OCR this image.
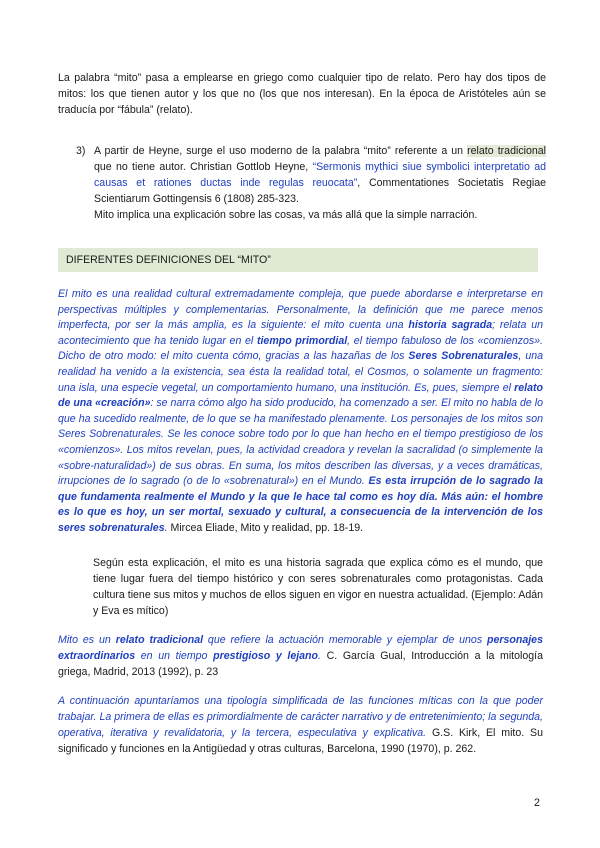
La palabra “mito” pasa a emplearse en griego como cualquier tipo de relato. Pero hay dos tipos de mitos: los que tienen autor y los que no (los que nos interesan). En la época de Aristóteles aún se traducía por “fábula” (relato).
3) A partir de Heyne, surge el uso moderno de la palabra “mito” referente a un relato tradicional que no tiene autor. Christian Gottlob Heyne, “Sermonis mythici siue symbolici interpretatio ad causas et rationes ductas inde regulas reuocata”, Commentationes Societatis Regiae Scientiarum Gottingensis 6 (1808) 285-323.
Mito implica una explicación sobre las cosas, va más allá que la simple narración.
DIFERENTES DEFINICIONES DEL “MITO”
El mito es una realidad cultural extremadamente compleja, que puede abordarse e interpretarse en perspectivas múltiples y complementarias. Personalmente, la definición que me parece menos imperfecta, por ser la más amplia, es la siguiente: el mito cuenta una historia sagrada; relata un acontecimiento que ha tenido lugar en el tiempo primordial, el tiempo fabuloso de los «comienzos». Dicho de otro modo: el mito cuenta cómo, gracias a las hazañas de los Seres Sobrenaturales, una realidad ha venido a la existencia, sea ésta la realidad total, el Cosmos, o solamente un fragmento: una isla, una especie vegetal, un comportamiento humano, una institución. Es, pues, siempre el relato de una «creación»: se narra cómo algo ha sido producido, ha comenzado a ser. El mito no habla de lo que ha sucedido realmente, de lo que se ha manifestado plenamente. Los personajes de los mitos son Seres Sobrenaturales. Se les conoce sobre todo por lo que han hecho en el tiempo prestigioso de los «comienzos». Los mitos revelan, pues, la actividad creadora y revelan la sacralidad (o simplemente la «sobre-naturalidad») de sus obras. En suma, los mitos describen las diversas, y a veces dramáticas, irrupciones de lo sagrado (o de lo «sobrenatural») en el Mundo. Es esta irrupción de lo sagrado la que fundamenta realmente el Mundo y la que le hace tal como es hoy día. Más aún: el hombre es lo que es hoy, un ser mortal, sexuado y cultural, a consecuencia de la intervención de los seres sobrenaturales. Mircea Eliade, Mito y realidad, pp. 18-19.
Según esta explicación, el mito es una historia sagrada que explica cómo es el mundo, que tiene lugar fuera del tiempo histórico y con seres sobrenaturales como protagonistas. Cada cultura tiene sus mitos y muchos de ellos siguen en vigor en nuestra actualidad. (Ejemplo: Adán y Eva es mítico)
Mito es un relato tradicional que refiere la actuación memorable y ejemplar de unos personajes extraordinarios en un tiempo prestigioso y lejano. C. García Gual, Introducción a la mitología griega, Madrid, 2013 (1992), p. 23
A continuación apuntaríamos una tipología simplificada de las funciones míticas con la que poder trabajar. La primera de ellas es primordialmente de carácter narrativo y de entretenimiento; la segunda, operativa, iterativa y revalidatoria, y la tercera, especulativa y explicativa. G.S. Kirk, El mito. Su significado y funciones en la Antigüedad y otras culturas, Barcelona, 1990 (1970), p. 262.
2
